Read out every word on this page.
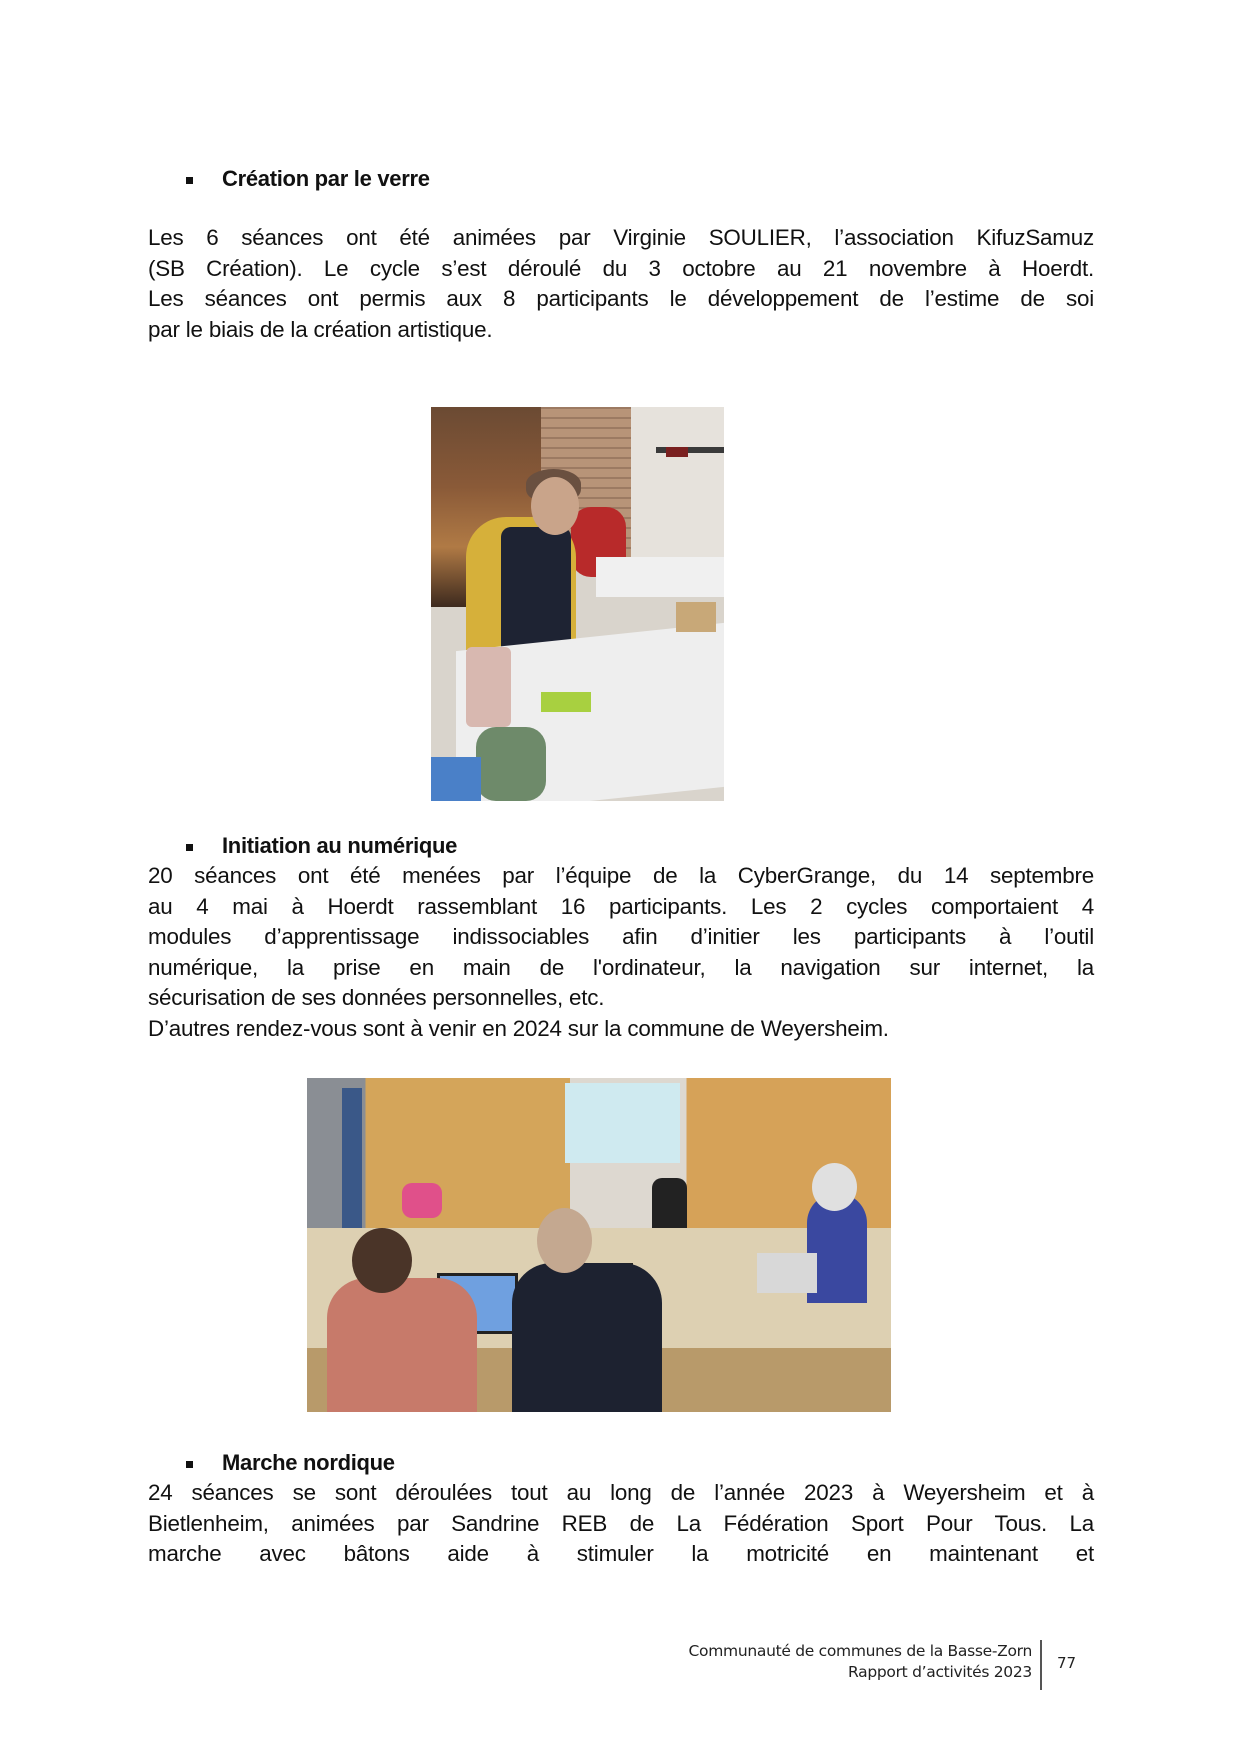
Création par le verre

Les 6 séances ont été animées par Virginie SOULIER, l’association KifuzSamuz
(SB Création). Le cycle s’est déroulé du 3 octobre au 21 novembre à Hoerdt.
Les séances ont permis aux 8 participants le développement de l’estime de soi
par le biais de la création artistique.

Initiation au numérique

20 séances ont été menées par l’équipe de la CyberGrange, du 14 septembre
au 4 mai à Hoerdt rassemblant 16 participants. Les 2 cycles comportaient 4
modules d’apprentissage indissociables afin d’initier les participants à l’outil
numérique, la prise en main de l'ordinateur, la navigation sur internet, la
sécurisation de ses données personnelles, etc.
D’autres rendez-vous sont à venir en 2024 sur la commune de Weyersheim.

Marche nordique

24 séances se sont déroulées tout au long de l’année 2023 à Weyersheim et à
Bietlenheim, animées par Sandrine REB de La Fédération Sport Pour Tous. La
marche avec bâtons aide à stimuler la motricité en maintenant et

Communauté de communes de la Basse-Zorn
Rapport d’activités 2023 77
